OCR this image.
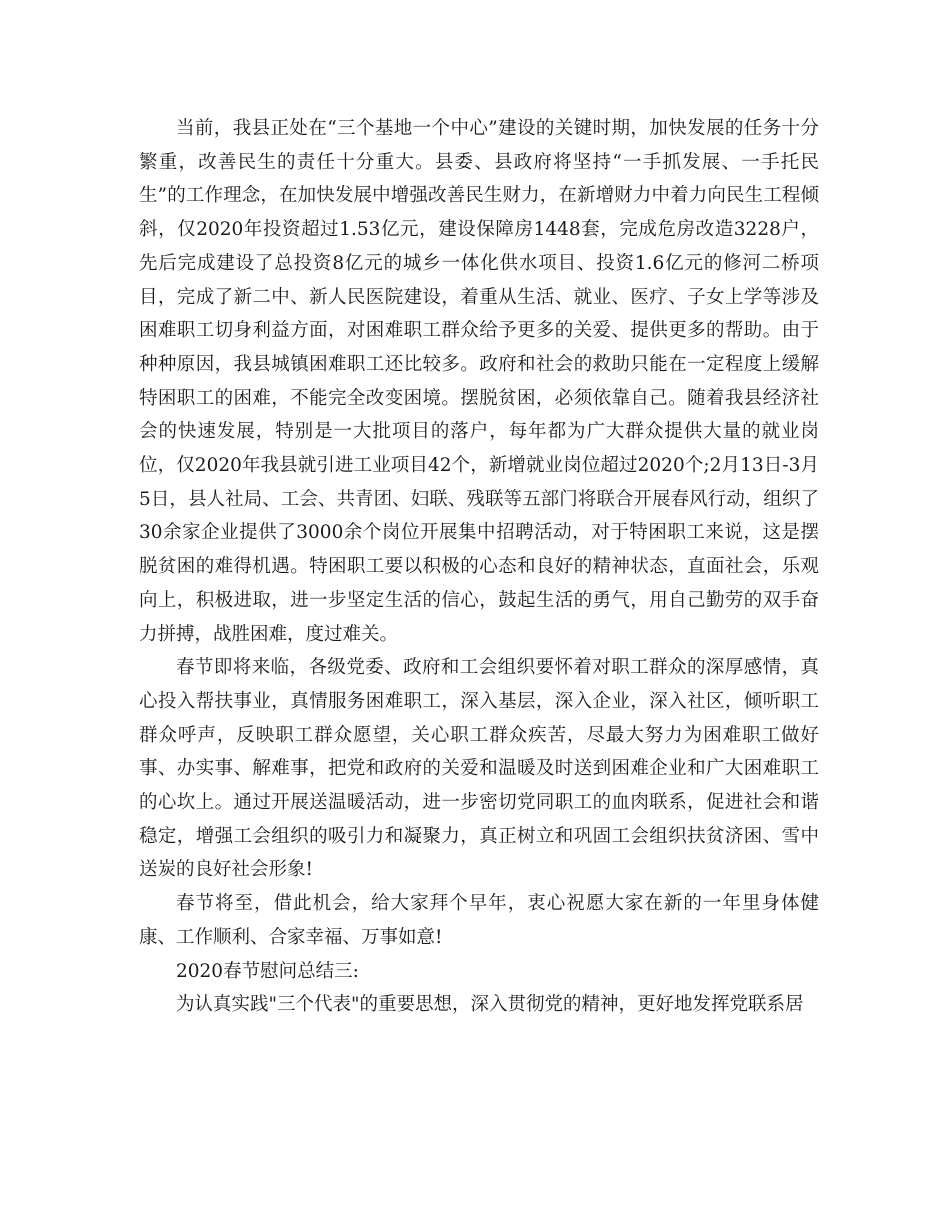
当前，我县正处在“三个基地一个中心”建设的关键时期，加快发展的任务十分繁重，改善民生的责任十分重大。县委、县政府将坚持“一手抓发展、一手托民生”的工作理念，在加快发展中增强改善民生财力，在新增财力中着力向民生工程倾斜，仅2020年投资超过1.53亿元，建设保障房1448套，完成危房改造3228户，先后完成建设了总投资8亿元的城乡一体化供水项目、投资1.6亿元的修河二桥项目，完成了新二中、新人民医院建设，着重从生活、就业、医疗、子女上学等涉及困难职工切身利益方面，对困难职工群众给予更多的关爱、提供更多的帮助。由于种种原因，我县城镇困难职工还比较多。政府和社会的救助只能在一定程度上缓解特困职工的困难，不能完全改变困境。摆脱贫困，必须依靠自己。随着我县经济社会的快速发展，特别是一大批项目的落户，每年都为广大群众提供大量的就业岗位，仅2020年我县就引进工业项目42个，新增就业岗位超过2020个;2月13日-3月5日，县人社局、工会、共青团、妇联、残联等五部门将联合开展春风行动，组织了30余家企业提供了3000余个岗位开展集中招聘活动，对于特困职工来说，这是摆脱贫困的难得机遇。特困职工要以积极的心态和良好的精神状态，直面社会，乐观向上，积极进取，进一步坚定生活的信心，鼓起生活的勇气，用自己勤劳的双手奋力拼搏，战胜困难，度过难关。

春节即将来临，各级党委、政府和工会组织要怀着对职工群众的深厚感情，真心投入帮扶事业，真情服务困难职工，深入基层，深入企业，深入社区，倾听职工群众呼声，反映职工群众愿望，关心职工群众疾苦，尽最大努力为困难职工做好事、办实事、解难事，把党和政府的关爱和温暖及时送到困难企业和广大困难职工的心坎上。通过开展送温暖活动，进一步密切党同职工的血肉联系，促进社会和谐稳定，增强工会组织的吸引力和凝聚力，真正树立和巩固工会组织扶贫济困、雪中送炭的良好社会形象!

春节将至，借此机会，给大家拜个早年，衷心祝愿大家在新的一年里身体健康、工作顺利、合家幸福、万事如意!

2020春节慰问总结三:

为认真实践"三个代表"的重要思想，深入贯彻党的精神，更好地发挥党联系居
